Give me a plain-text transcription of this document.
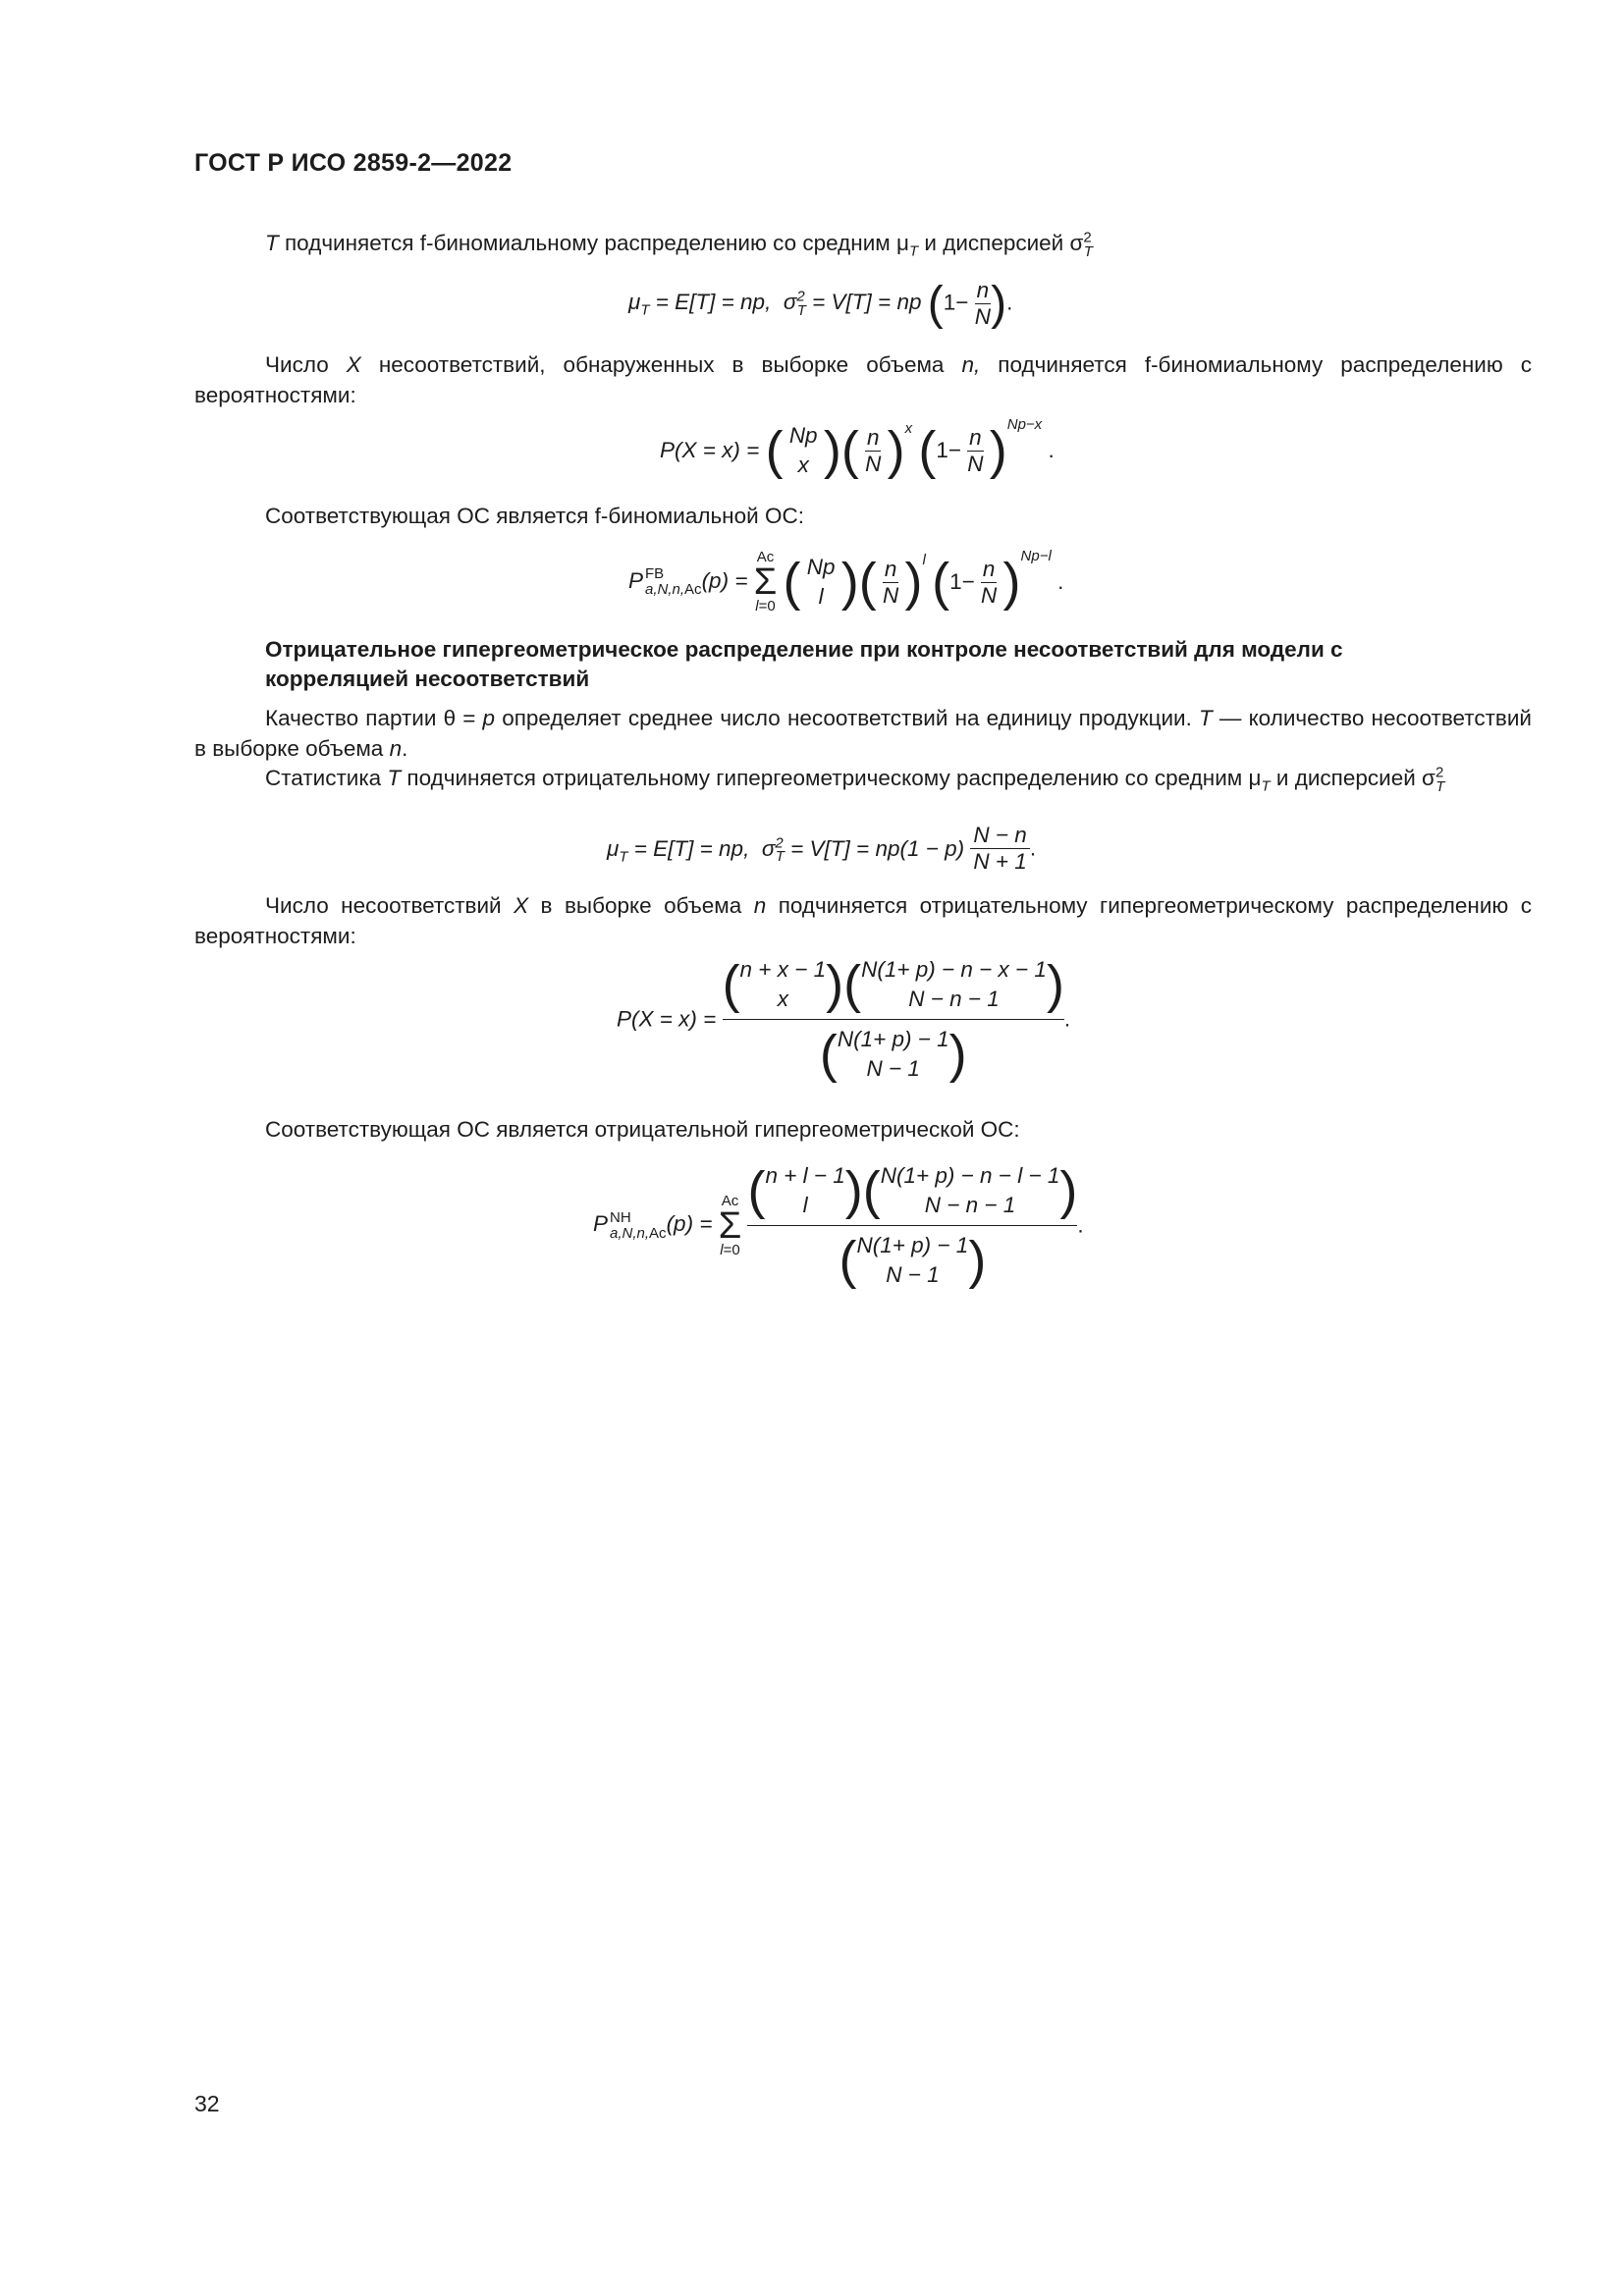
ГОСТ Р ИСО 2859-2—2022
T подчиняется f-биномиальному распределению со средним $\mu_T$ и дисперсией $\sigma^2_T$
$\mu_T = E[T]$ = np,  $\sigma^2_T = V[T]$ = np ($1- \frac{n}{N}$ ).
Число X несоответствий, обнаруженных в выборке объема n, подчиняется f-биномиальному распределению с вероятностями:
P(X = x) = ( Np
x )( $\frac{n}{N} )^x$ $(1- \frac{n}{N} )^{Np-x}$ .
Соответствующая ОС является f-биномиальной ОС:
P FB
a,N,n,Ac (p) =
Ac
Σ
l=0 ( Np
l )( $\frac{n}{N} )^l$ $(1- \frac{n}{N} )^{Np-l}$ .
Отрицательное гипергеометрическое распределение при контроле несоответствий для модели с корреляцией несоответствий
Качество партии θ = p определяет среднее число несоответствий на единицу продукции. T — количество несоответствий в выборке объема n.
Статистика T подчиняется отрицательному гипергеометрическому распределению со средним $\mu_T$ и дисперсией $\sigma^2_T$
$\mu_T = E[T]$ = np,  $\sigma^2_T = V[T] = np(1 - p) \frac{N - n}{N + 1}$ .
Число несоответствий X в выборке объема n подчиняется отрицательному гипергеометрическому распределению с вероятностями:
P(X = x) = ( n + x − 1
x )( N(1+ p) − n − x − 1
N − n − 1 )
( N(1+ p) − 1
N − 1 ) .
Соответствующая ОС является отрицательной гипергеометрической ОС:
P NH
a,N,n,Ac (p) =
Ac
Σ
l=0
( n + l − 1
l )( N(1+ p) − n − l − 1
N − n − 1 )
( N(1+ p) − 1
N − 1 ) .
32
